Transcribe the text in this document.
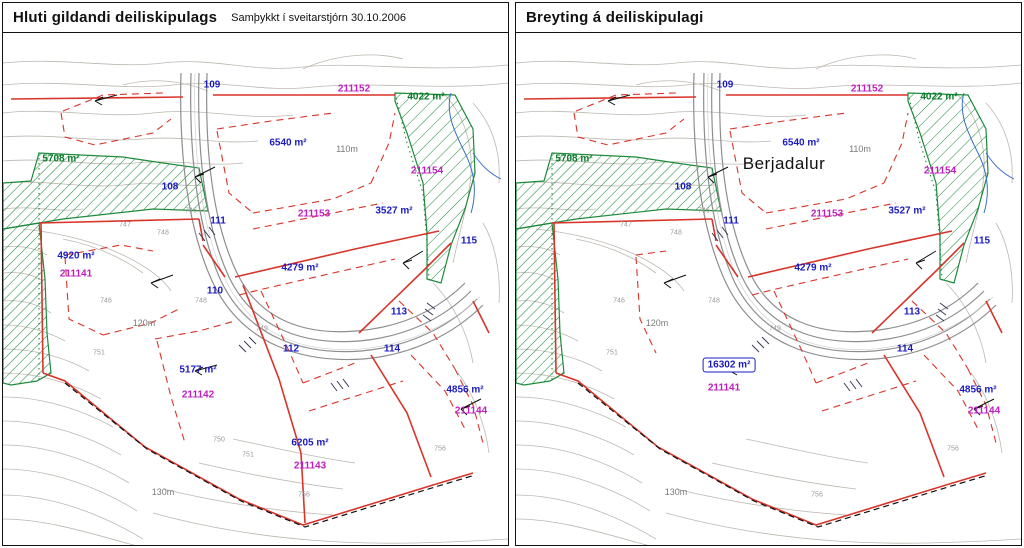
Hluti gildandi deiliskipulags Samþykkt í sveitarstjórn 30.10.2006
109	211152
4022 m²
6540 m²
110m
5708 m²
211154
108
211153	3527 m²
111
115
4920 m²
4279 m²
211141
110
113
120m
112	114
5177 m²
4856 m²
211142
211144
6205 m²
211143
130m
747
746
748
746	748
749
751
750
751
756
756
Breyting á deiliskipulagi
109	211152
4022 m²
6540 m²
110m
Berjadalur
5708 m²
211154
108
211153	3527 m²
111
115
4279 m²
113
120m
114
16302 m²
211141	4856 m²
211144
130m
747
746
748
746	748
749
751
756
756
